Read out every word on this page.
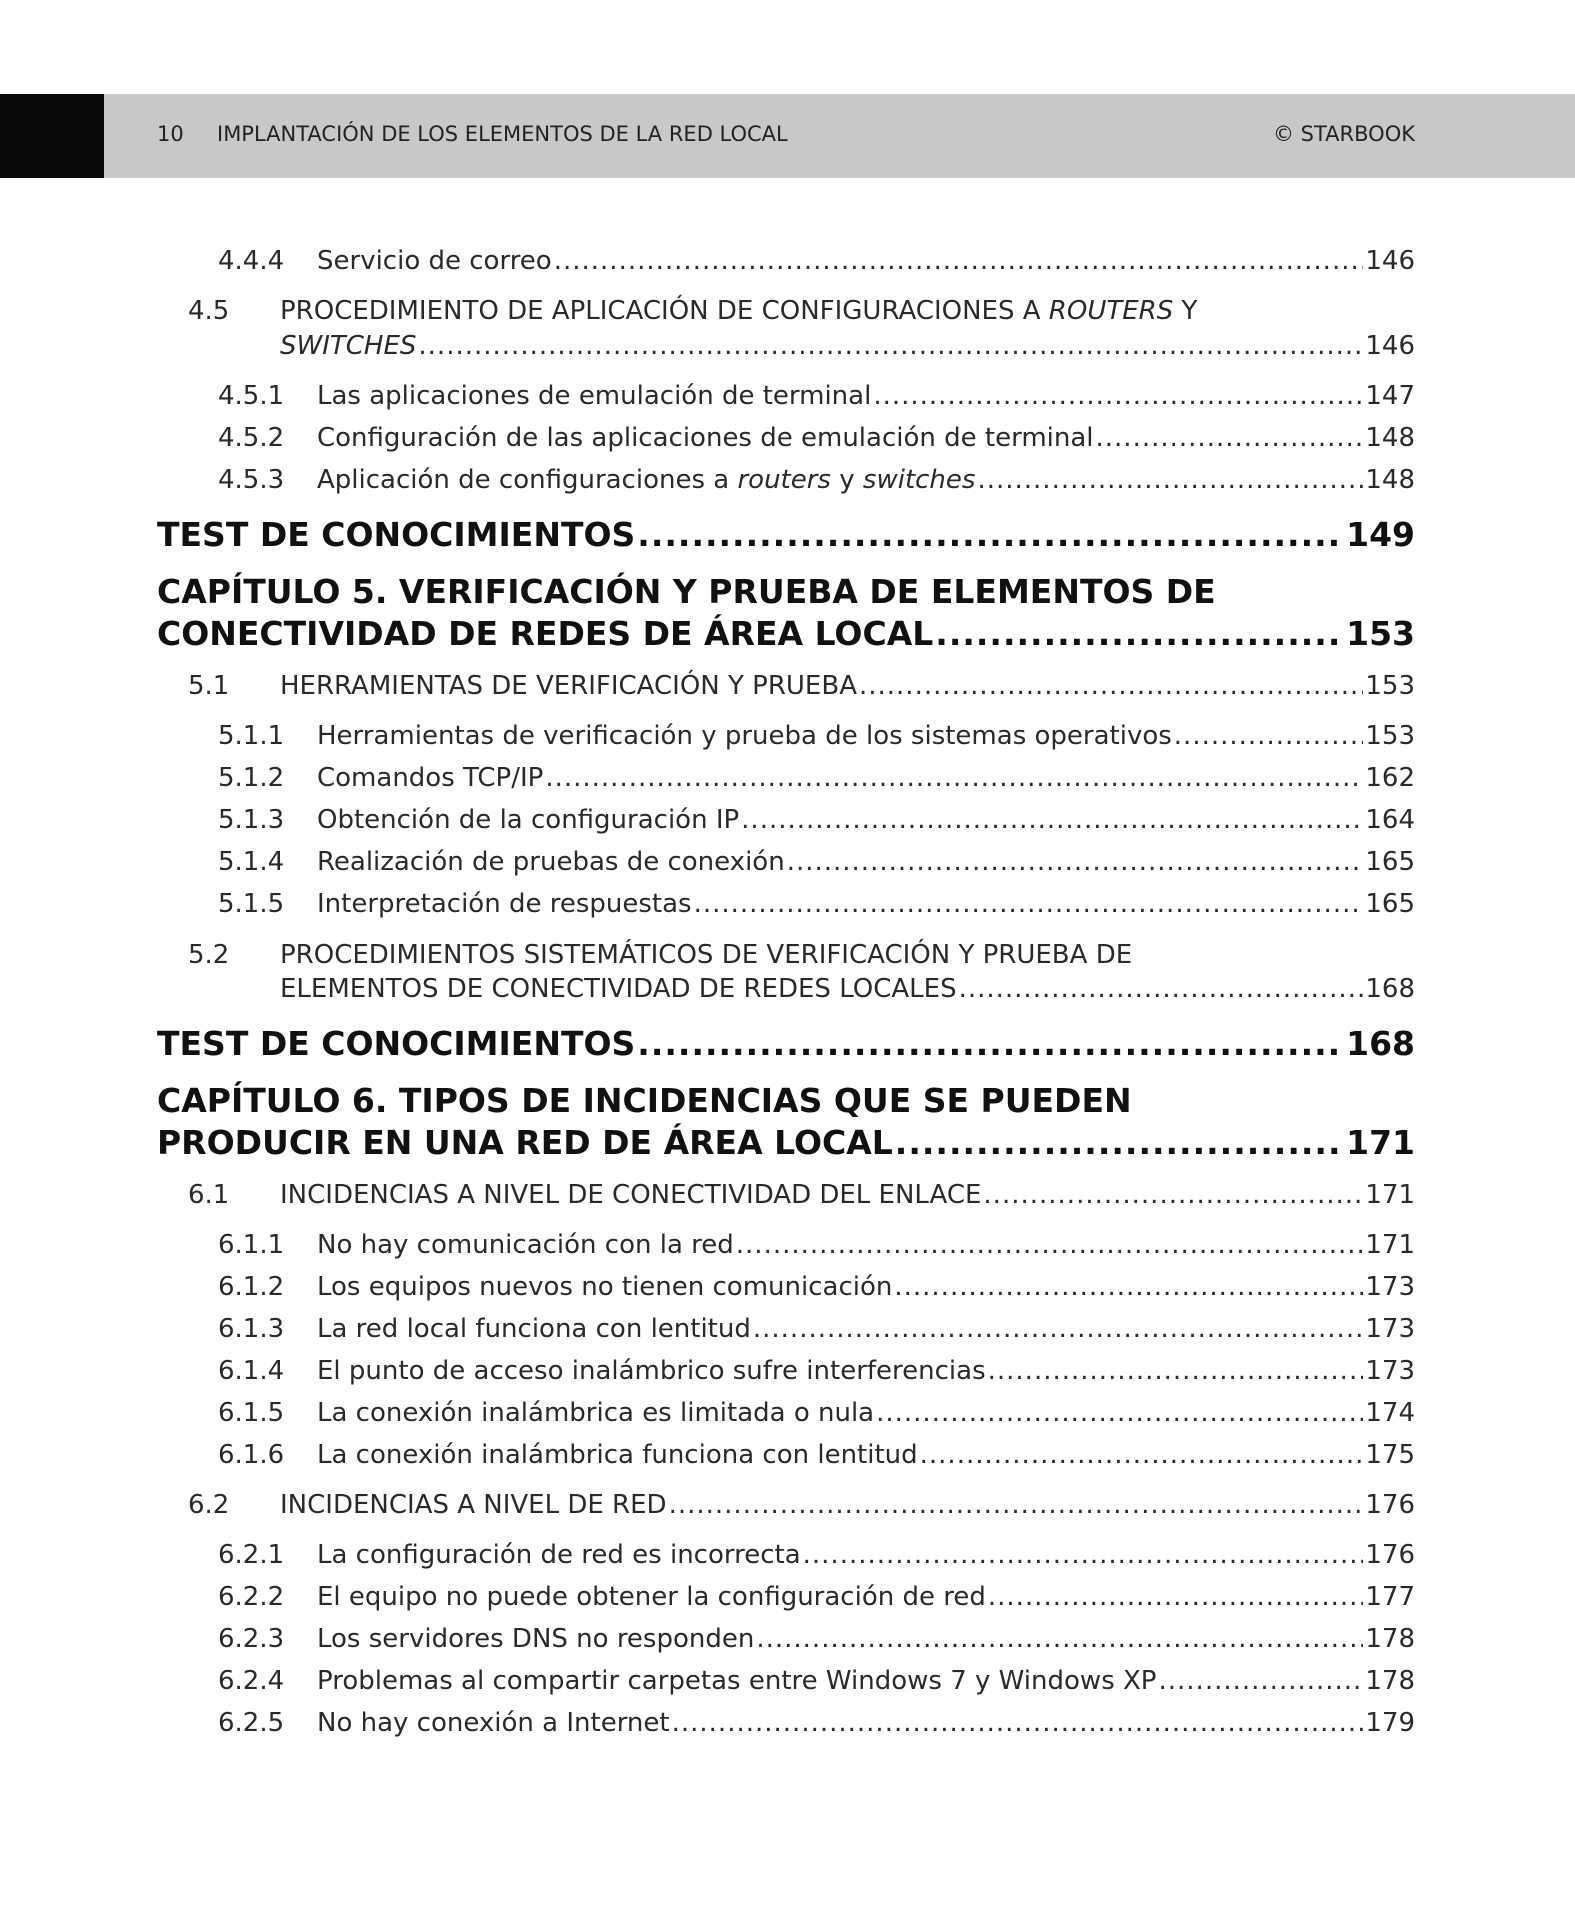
10 IMPLANTACIÓN DE LOS ELEMENTOS DE LA RED LOCAL	© STARBOOK
4.4.4 Servicio de correo .....	146
4.5 PROCEDIMIENTO DE APLICACIÓN DE CONFIGURACIONES A ROUTERS Y
SWITCHES .....	146
4.5.1 Las aplicaciones de emulación de terminal .....	147
4.5.2 Configuración de las aplicaciones de emulación de terminal .....	148
4.5.3 Aplicación de configuraciones a routers y switches .....	148
TEST DE CONOCIMIENTOS .....	149
CAPÍTULO 5. VERIFICACIÓN Y PRUEBA DE ELEMENTOS DE
CONECTIVIDAD DE REDES DE ÁREA LOCAL .....	153
5.1 HERRAMIENTAS DE VERIFICACIÓN Y PRUEBA .....	153
5.1.1 Herramientas de verificación y prueba de los sistemas operativos .....	153
5.1.2 Comandos TCP/IP .....	162
5.1.3 Obtención de la configuración IP .....	164
5.1.4 Realización de pruebas de conexión .....	165
5.1.5 Interpretación de respuestas .....	165
5.2 PROCEDIMIENTOS SISTEMÁTICOS DE VERIFICACIÓN Y PRUEBA DE
ELEMENTOS DE CONECTIVIDAD DE REDES LOCALES .....	168
TEST DE CONOCIMIENTOS .....	168
CAPÍTULO 6. TIPOS DE INCIDENCIAS QUE SE PUEDEN
PRODUCIR EN UNA RED DE ÁREA LOCAL .....	171
6.1 INCIDENCIAS A NIVEL DE CONECTIVIDAD DEL ENLACE .....	171
6.1.1 No hay comunicación con la red .....	171
6.1.2 Los equipos nuevos no tienen comunicación .....	173
6.1.3 La red local funciona con lentitud .....	173
6.1.4 El punto de acceso inalámbrico sufre interferencias .....	173
6.1.5 La conexión inalámbrica es limitada o nula .....	174
6.1.6 La conexión inalámbrica funciona con lentitud .....	175
6.2 INCIDENCIAS A NIVEL DE RED .....	176
6.2.1 La configuración de red es incorrecta .....	176
6.2.2 El equipo no puede obtener la configuración de red .....	177
6.2.3 Los servidores DNS no responden .....	178
6.2.4 Problemas al compartir carpetas entre Windows 7 y Windows XP .....	178
6.2.5 No hay conexión a Internet .....	179
